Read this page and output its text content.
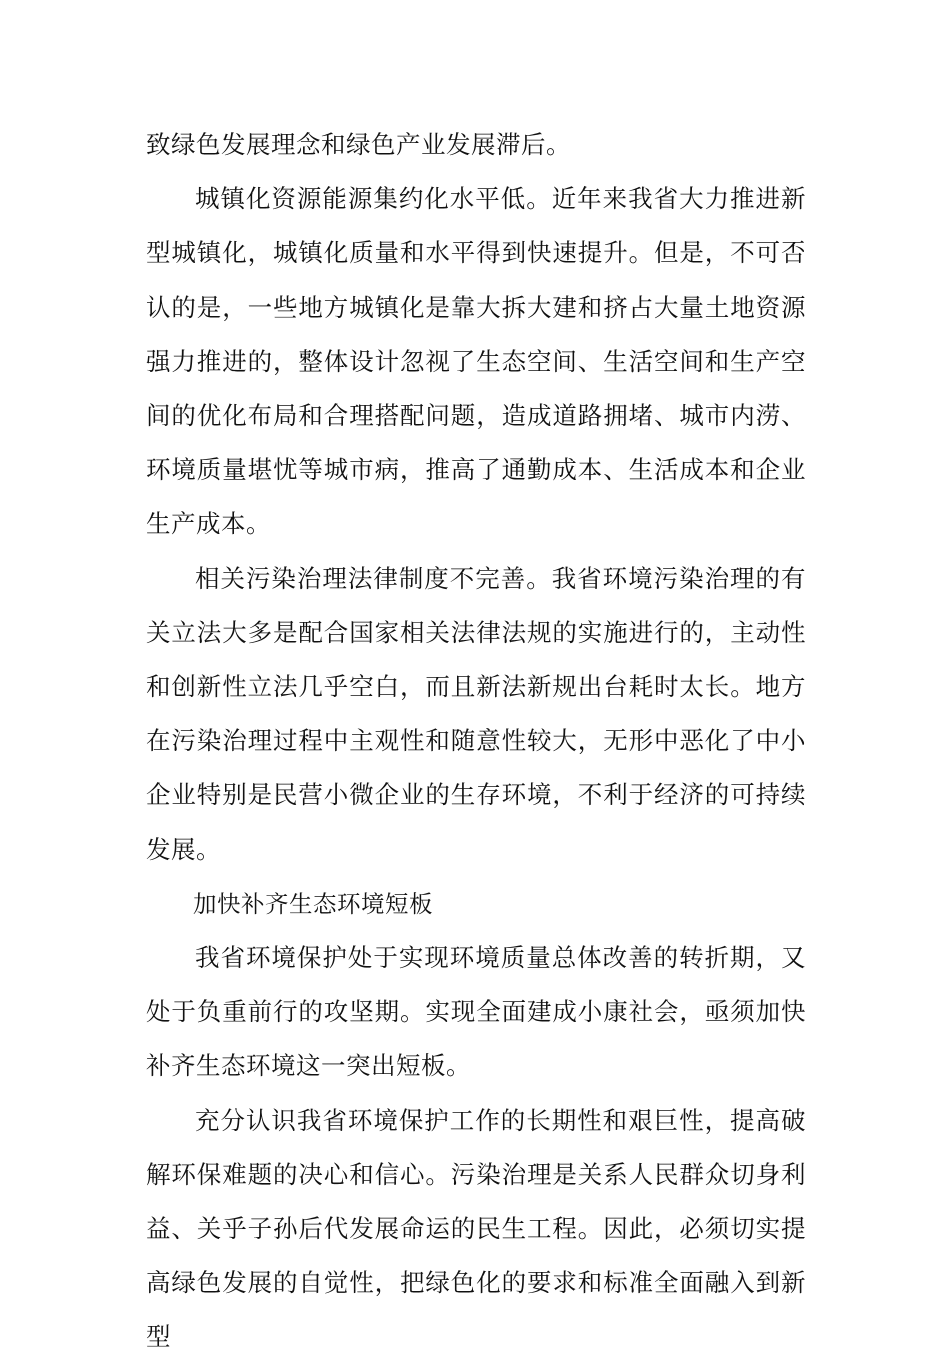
致绿色发展理念和绿色产业发展滞后。

城镇化资源能源集约化水平低。近年来我省大力推进新型城镇化，城镇化质量和水平得到快速提升。但是，不可否认的是，一些地方城镇化是靠大拆大建和挤占大量土地资源强力推进的，整体设计忽视了生态空间、生活空间和生产空间的优化布局和合理搭配问题，造成道路拥堵、城市内涝、环境质量堪忧等城市病，推高了通勤成本、生活成本和企业生产成本。

相关污染治理法律制度不完善。我省环境污染治理的有关立法大多是配合国家相关法律法规的实施进行的，主动性和创新性立法几乎空白，而且新法新规出台耗时太长。地方在污染治理过程中主观性和随意性较大，无形中恶化了中小企业特别是民营小微企业的生存环境，不利于经济的可持续发展。

加快补齐生态环境短板

我省环境保护处于实现环境质量总体改善的转折期，又处于负重前行的攻坚期。实现全面建成小康社会，亟须加快补齐生态环境这一突出短板。

充分认识我省环境保护工作的长期性和艰巨性，提高破解环保难题的决心和信心。污染治理是关系人民群众切身利益、关乎子孙后代发展命运的民生工程。因此，必须切实提高绿色发展的自觉性，把绿色化的要求和标准全面融入到新型
